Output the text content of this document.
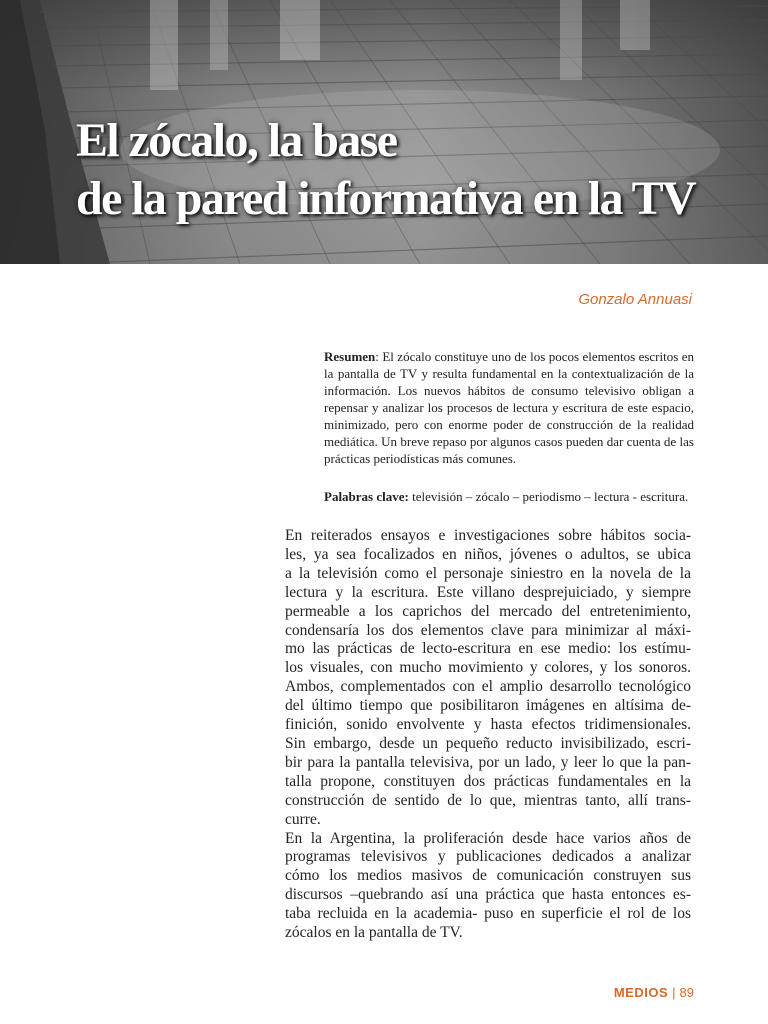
El zócalo, la base
de la pared informativa en la TV
Gonzalo Annuasi

Resumen: El zócalo constituye uno de los pocos elementos escritos en la pantalla de TV y resulta fundamental en la contextualización de la información. Los nuevos hábitos de consumo televisivo obligan a repensar y analizar los procesos de lectura y escritura de este espacio, minimizado, pero con enorme poder de construcción de la realidad mediática. Un breve repaso por algunos casos pueden dar cuenta de las prácticas periodísticas más comunes.

Palabras clave: televisión – zócalo – periodismo – lectura - escritura.

En reiterados ensayos e investigaciones sobre hábitos socia-
les, ya sea focalizados en niños, jóvenes o adultos, se ubica
a la televisión como el personaje siniestro en la novela de la
lectura y la escritura. Este villano desprejuiciado, y siempre
permeable a los caprichos del mercado del entretenimiento,
condensaría los dos elementos clave para minimizar al máxi-
mo las prácticas de lecto-escritura en ese medio: los estímu-
los visuales, con mucho movimiento y colores, y los sonoros.
Ambos, complementados con el amplio desarrollo tecnológico
del último tiempo que posibilitaron imágenes en altísima de-
finición, sonido envolvente y hasta efectos tridimensionales.
Sin embargo, desde un pequeño reducto invisibilizado, escri-
bir para la pantalla televisiva, por un lado, y leer lo que la pan-
talla propone, constituyen dos prácticas fundamentales en la
construcción de sentido de lo que, mientras tanto, allí trans-
curre.
En la Argentina, la proliferación desde hace varios años de
programas televisivos y publicaciones dedicados a analizar
cómo los medios masivos de comunicación construyen sus
discursos –quebrando así una práctica que hasta entonces es-
taba recluida en la academia- puso en superficie el rol de los
zócalos en la pantalla de TV.
MEDIOS | 89
